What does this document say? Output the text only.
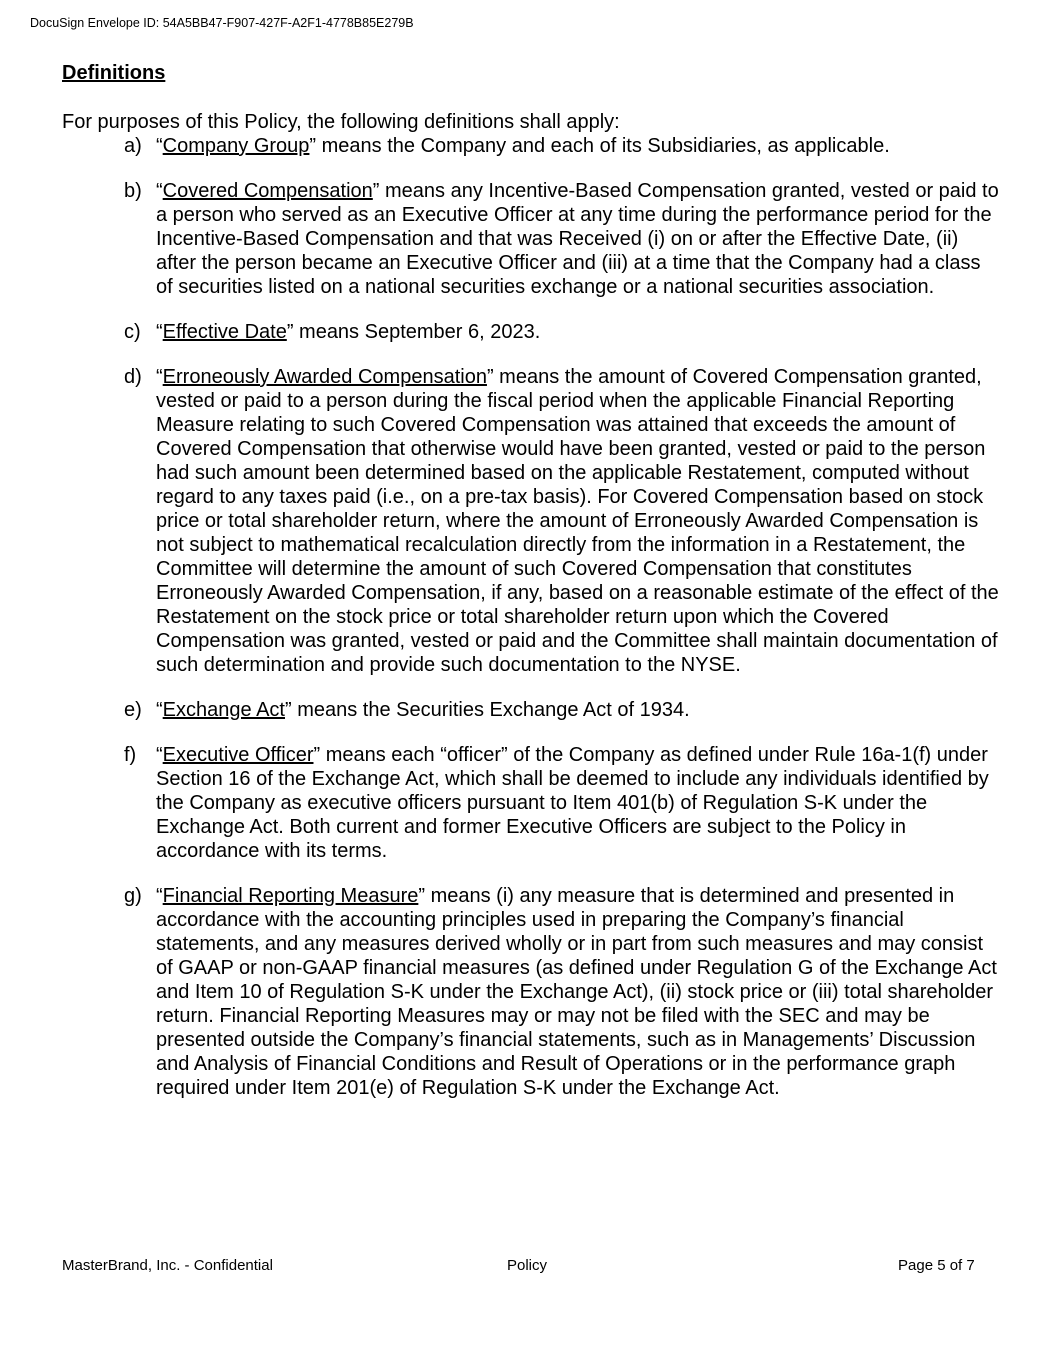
DocuSign Envelope ID: 54A5BB47-F907-427F-A2F1-4778B85E279B
Definitions
For purposes of this Policy, the following definitions shall apply:
a) “Company Group” means the Company and each of its Subsidiaries, as applicable.
b) “Covered Compensation” means any Incentive-Based Compensation granted, vested or paid to a person who served as an Executive Officer at any time during the performance period for the Incentive-Based Compensation and that was Received (i) on or after the Effective Date, (ii) after the person became an Executive Officer and (iii) at a time that the Company had a class of securities listed on a national securities exchange or a national securities association.
c) “Effective Date” means September 6, 2023.
d) “Erroneously Awarded Compensation” means the amount of Covered Compensation granted, vested or paid to a person during the fiscal period when the applicable Financial Reporting Measure relating to such Covered Compensation was attained that exceeds the amount of Covered Compensation that otherwise would have been granted, vested or paid to the person had such amount been determined based on the applicable Restatement, computed without regard to any taxes paid (i.e., on a pre-tax basis). For Covered Compensation based on stock price or total shareholder return, where the amount of Erroneously Awarded Compensation is not subject to mathematical recalculation directly from the information in a Restatement, the Committee will determine the amount of such Covered Compensation that constitutes Erroneously Awarded Compensation, if any, based on a reasonable estimate of the effect of the Restatement on the stock price or total shareholder return upon which the Covered Compensation was granted, vested or paid and the Committee shall maintain documentation of such determination and provide such documentation to the NYSE.
e) “Exchange Act” means the Securities Exchange Act of 1934.
f) “Executive Officer” means each “officer” of the Company as defined under Rule 16a-1(f) under Section 16 of the Exchange Act, which shall be deemed to include any individuals identified by the Company as executive officers pursuant to Item 401(b) of Regulation S-K under the Exchange Act. Both current and former Executive Officers are subject to the Policy in accordance with its terms.
g) “Financial Reporting Measure” means (i) any measure that is determined and presented in accordance with the accounting principles used in preparing the Company’s financial statements, and any measures derived wholly or in part from such measures and may consist of GAAP or non-GAAP financial measures (as defined under Regulation G of the Exchange Act and Item 10 of Regulation S-K under the Exchange Act), (ii) stock price or (iii) total shareholder return. Financial Reporting Measures may or may not be filed with the SEC and may be presented outside the Company’s financial statements, such as in Managements’ Discussion and Analysis of Financial Conditions and Result of Operations or in the performance graph required under Item 201(e) of Regulation S-K under the Exchange Act.
MasterBrand, Inc. - Confidential	Policy	Page 5 of 7
